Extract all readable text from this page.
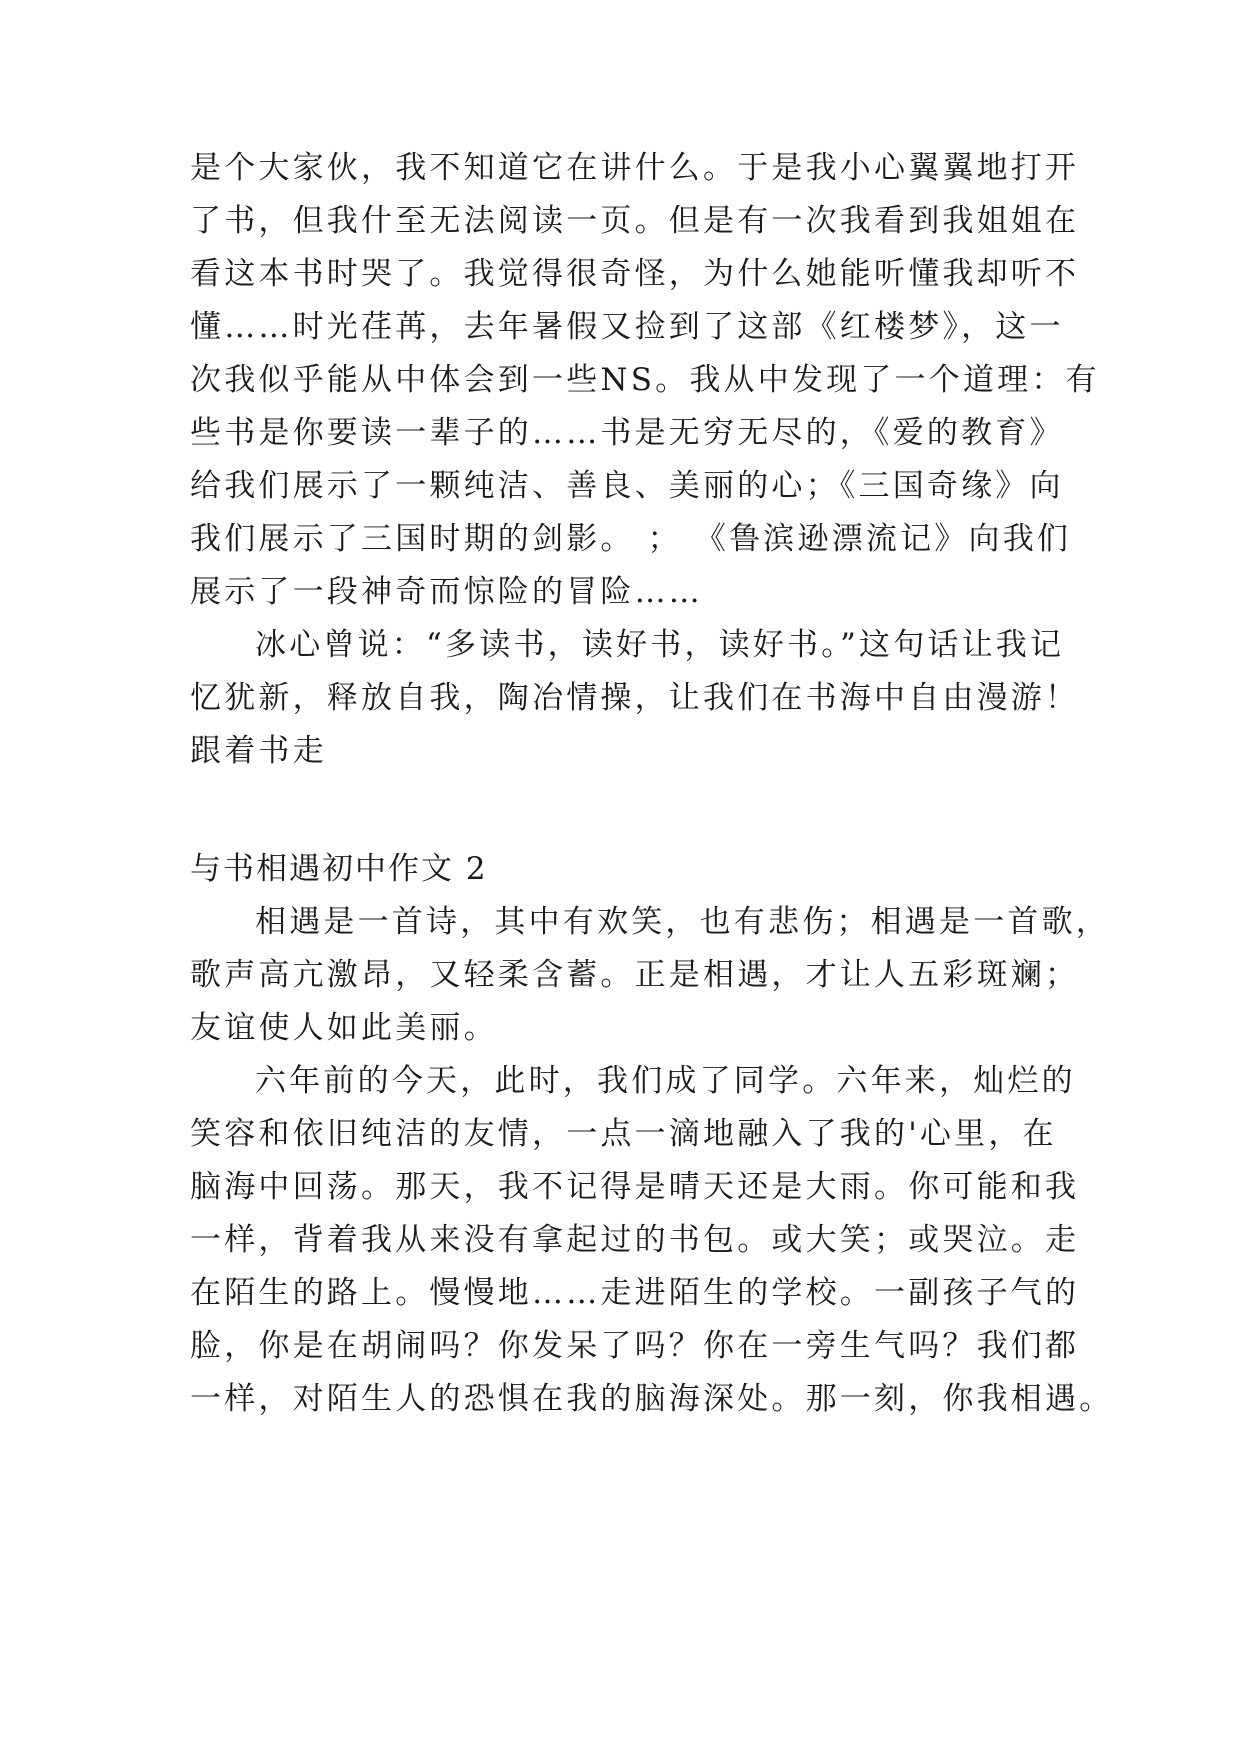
是个大家伙，我不知道它在讲什么。于是我小心翼翼地打开
了书，但我什至无法阅读一页。但是有一次我看到我姐姐在
看这本书时哭了。我觉得很奇怪，为什么她能听懂我却听不
懂……时光荏苒，去年暑假又捡到了这部《红楼梦》，这一
次我似乎能从中体会到一些NS。我从中发现了一个道理：有
些书是你要读一辈子的……书是无穷无尽的，《爱的教育》
给我们展示了一颗纯洁、善良、美丽的心；《三国奇缘》向
我们展示了三国时期的剑影。 ； 《鲁滨逊漂流记》向我们
展示了一段神奇而惊险的冒险……
冰心曾说：“多读书，读好书，读好书。”这句话让我记
忆犹新，释放自我，陶冶情操，让我们在书海中自由漫游！
跟着书走
与书相遇初中作文 2
相遇是一首诗，其中有欢笑，也有悲伤；相遇是一首歌，
歌声高亢激昂，又轻柔含蓄。正是相遇，才让人五彩斑斓；
友谊使人如此美丽。
六年前的今天，此时，我们成了同学。六年来，灿烂的
笑容和依旧纯洁的友情，一点一滴地融入了我的'心里，在
脑海中回荡。那天，我不记得是晴天还是大雨。你可能和我
一样，背着我从来没有拿起过的书包。或大笑；或哭泣。走
在陌生的路上。慢慢地……走进陌生的学校。一副孩子气的
脸，你是在胡闹吗？你发呆了吗？你在一旁生气吗？我们都
一样，对陌生人的恐惧在我的脑海深处。那一刻，你我相遇。
